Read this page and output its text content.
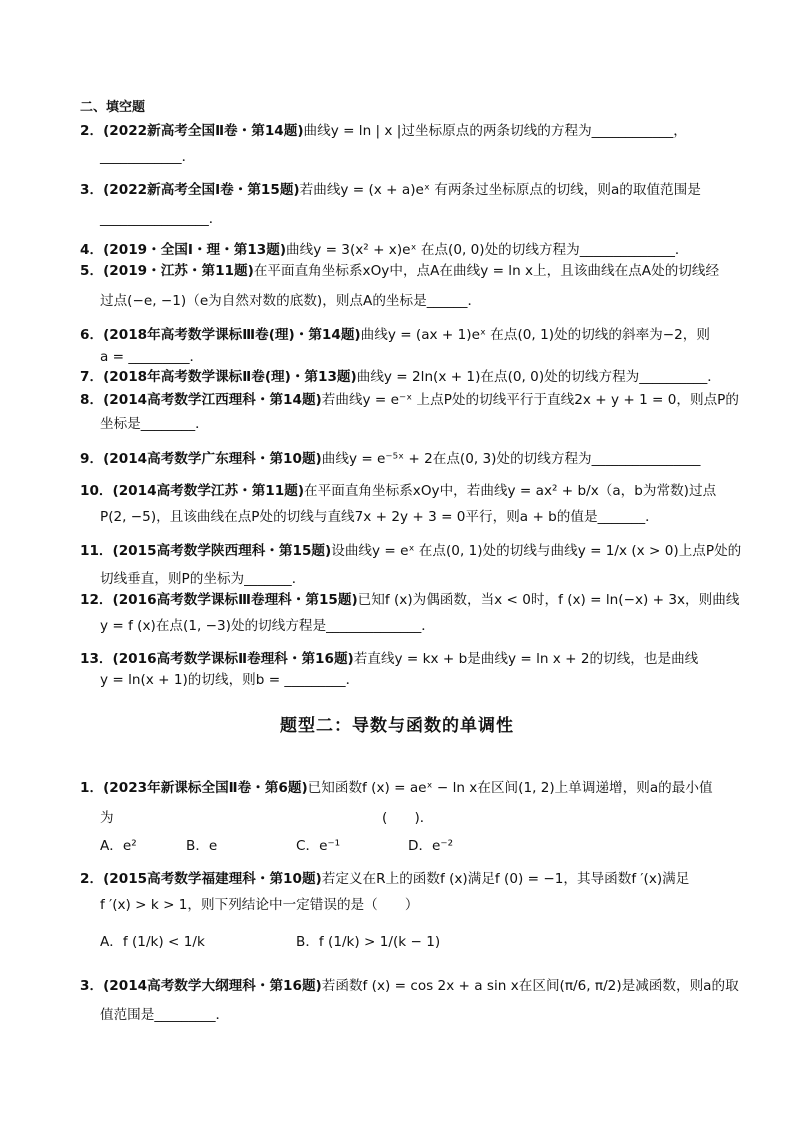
二、填空题
2．(2022新高考全国Ⅱ卷・第14题)曲线y = ln | x |过坐标原点的两条切线的方程为____________，
____________．
3．(2022新高考全国Ⅰ卷・第15题)若曲线y = (x + a)eˣ 有两条过坐标原点的切线，则a的取值范围是
________________．
4．(2019・全国Ⅰ・理・第13题)曲线y = 3(x² + x)eˣ 在点(0, 0)处的切线方程为______________．
5．(2019・江苏・第11题)在平面直角坐标系xOy中，点A在曲线y = ln x上，且该曲线在点A处的切线经
过点(−e, −1)（e为自然对数的底数)，则点A的坐标是______．
6．(2018年高考数学课标Ⅲ卷(理)・第14题)曲线y = (ax + 1)eˣ 在点(0, 1)处的切线的斜率为−2，则
a = _________．
7．(2018年高考数学课标Ⅱ卷(理)・第13题)曲线y = 2ln(x + 1)在点(0, 0)处的切线方程为__________．
8．(2014高考数学江西理科・第14题)若曲线y = e⁻ˣ 上点P处的切线平行于直线2x + y + 1 = 0，则点P的
坐标是________．
9．(2014高考数学广东理科・第10题)曲线y = e⁻⁵ˣ + 2在点(0, 3)处的切线方程为________________
10．(2014高考数学江苏・第11题)在平面直角坐标系xOy中，若曲线y = ax² + b/x（a，b为常数)过点
P(2, −5)，且该曲线在点P处的切线与直线7x + 2y + 3 = 0平行，则a + b的值是_______．
11．(2015高考数学陕西理科・第15题)设曲线y = eˣ 在点(0, 1)处的切线与曲线y = 1/x (x > 0)上点P处的
切线垂直，则P的坐标为_______．
12．(2016高考数学课标Ⅲ卷理科・第15题)已知f (x)为偶函数，当x < 0时，f (x) = ln(−x) + 3x，则曲线
y = f (x)在点(1, −3)处的切线方程是______________．
13．(2016高考数学课标Ⅱ卷理科・第16题)若直线y = kx + b是曲线y = ln x + 2的切线，也是曲线
y = ln(x + 1)的切线，则b = _________．
题型二：导数与函数的单调性
1．(2023年新课标全国Ⅱ卷・第6题)已知函数f (x) = aeˣ − ln x在区间(1, 2)上单调递增，则a的最小值
为	(　　)．
A．e²	B．e	C．e⁻¹	D．e⁻²
2．(2015高考数学福建理科・第10题)若定义在R上的函数f (x)满足f (0) = −1，其导函数f ′(x)满足
f ′(x) > k > 1，则下列结论中一定错误的是（　　）
A．f (1/k) < 1/k	B．f (1/k) > 1/(k − 1)
3．(2014高考数学大纲理科・第16题)若函数f (x) = cos 2x + a sin x在区间(π/6, π/2)是减函数，则a的取
值范围是_________．
